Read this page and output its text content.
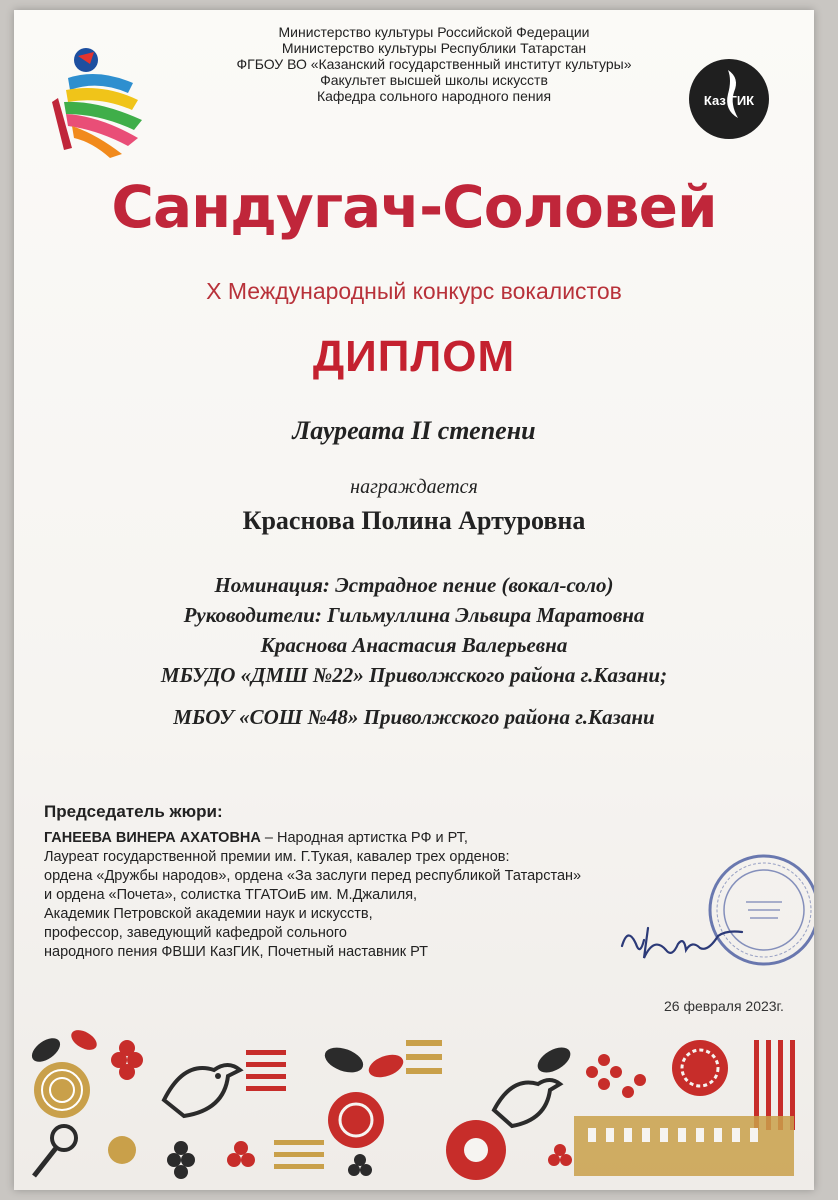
Министерство культуры Российской Федерации
Министерство культуры Республики Татарстан
ФГБОУ ВО «Казанский государственный институт культуры»
Факультет высшей школы искусств
Кафедра сольного народного пения	Каз ГИК
Сандугач-Соловей
X Международный конкурс вокалистов
ДИПЛОМ
Лауреата II степени
награждается
Краснова Полина Артуровна
Номинация: Эстрадное пение (вокал-соло)
Руководители: Гильмуллина Эльвира Маратовна
Краснова Анастасия Валерьевна
МБУДО «ДМШ №22» Приволжского района г.Казани;
МБОУ «СОШ №48» Приволжского района г.Казани
Председатель жюри:
ГАНЕЕВА ВИНЕРА АХАТОВНА – Народная артистка РФ и РТ,
Лауреат государственной премии им. Г.Тукая, кавалер трех орденов:
ордена «Дружбы народов», ордена «За заслуги перед республикой Татарстан»
и ордена «Почета», солистка ТГАТОиБ им. М.Джалиля,
Академик Петровской академии наук и искусств,
профессор, заведующий кафедрой сольного
народного пения ФВШИ КазГИК, Почетный наставник РТ
26 февраля 2023г.
